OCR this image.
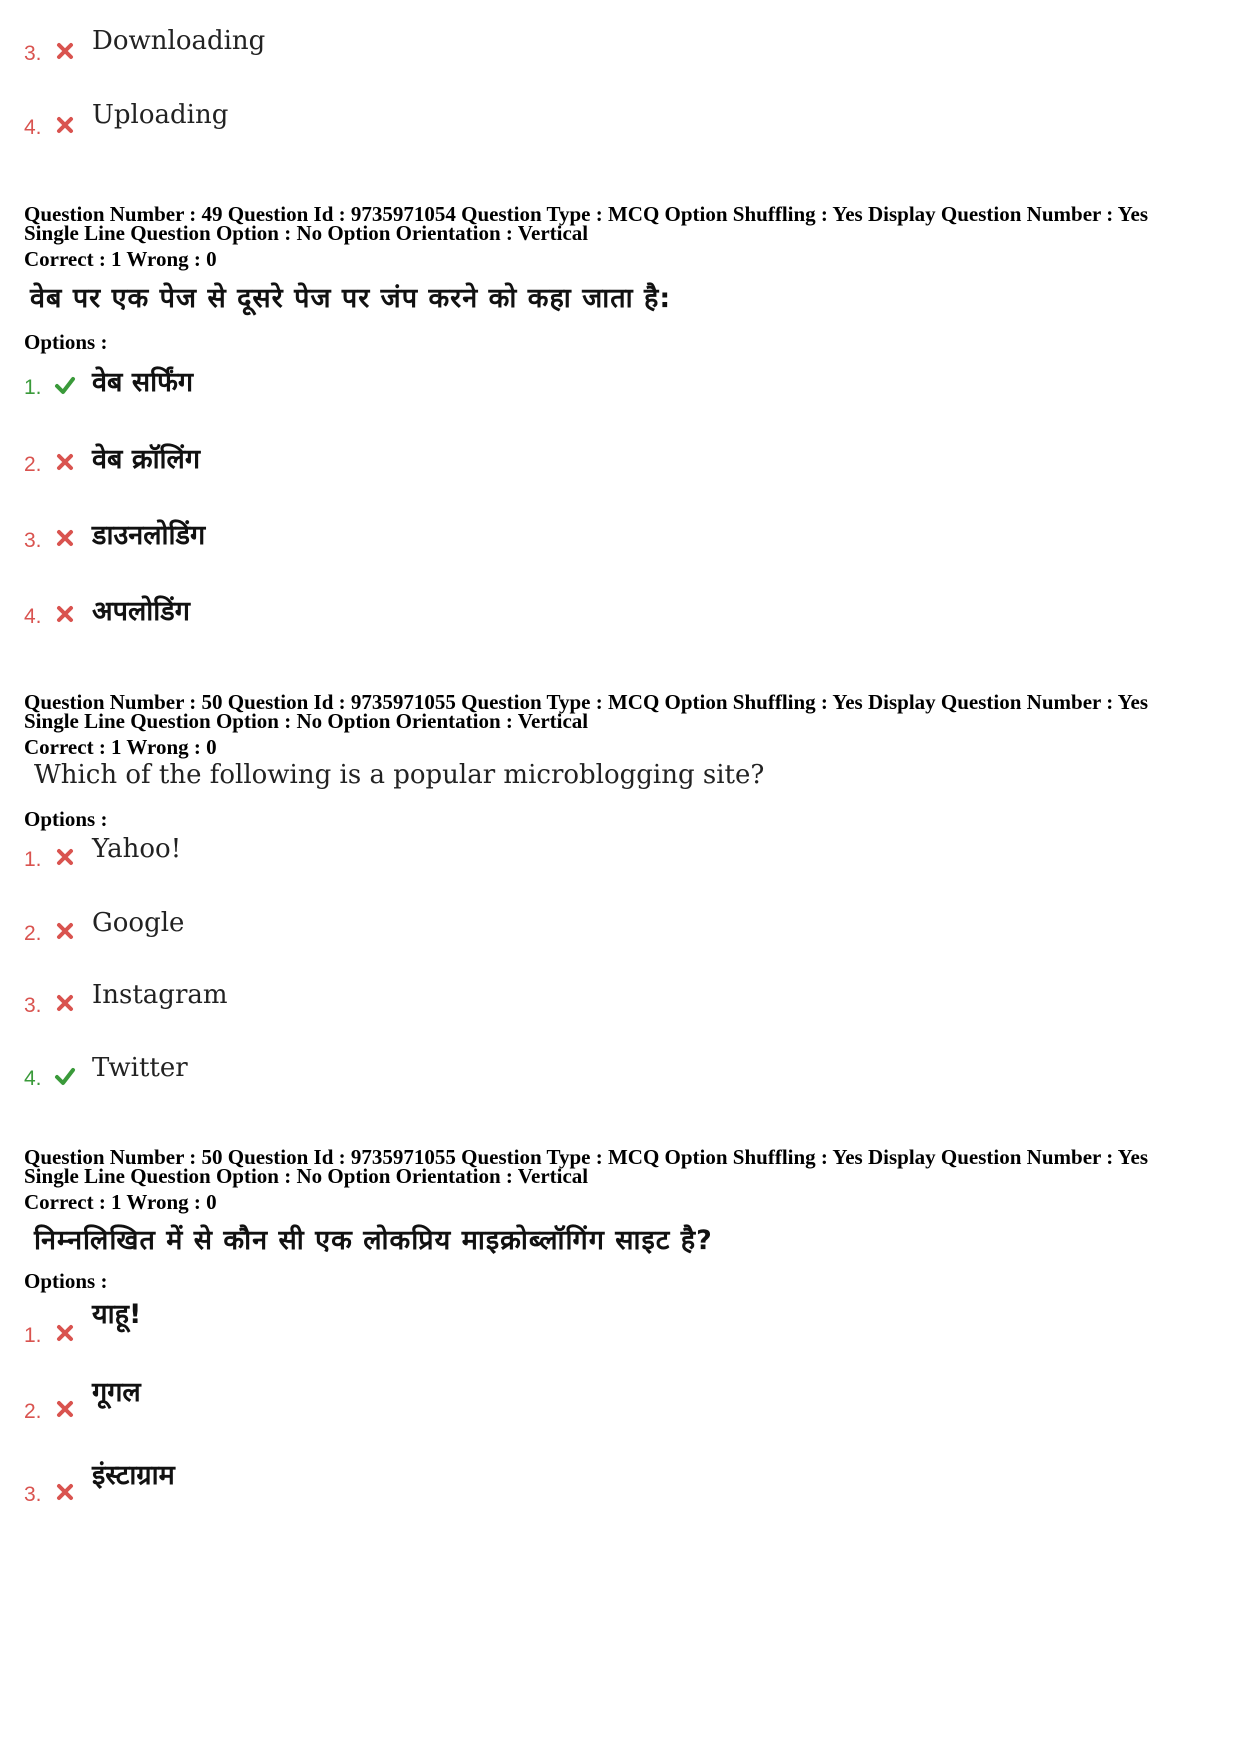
3. Downloading
4. Uploading
Question Number : 49 Question Id : 9735971054 Question Type : MCQ Option Shuffling : Yes Display Question Number : Yes
Single Line Question Option : No Option Orientation : Vertical
Correct : 1 Wrong : 0
वेब पर एक पेज से दूसरे पेज पर जंप करने को कहा जाता है:
Options :
1. वेब सर्फिंग
2. वेब क्रॉलिंग
3. डाउनलोडिंग
4. अपलोडिंग
Question Number : 50 Question Id : 9735971055 Question Type : MCQ Option Shuffling : Yes Display Question Number : Yes
Single Line Question Option : No Option Orientation : Vertical
Correct : 1 Wrong : 0
Which of the following is a popular microblogging site?
Options :
1. Yahoo!
2. Google
3. Instagram
4. Twitter
Question Number : 50 Question Id : 9735971055 Question Type : MCQ Option Shuffling : Yes Display Question Number : Yes
Single Line Question Option : No Option Orientation : Vertical
Correct : 1 Wrong : 0
निम्नलिखित में से कौन सी एक लोकप्रिय माइक्रोब्लॉगिंग साइट है?
Options :
1.
याहू!
2.
गूगल
3.
इंस्टाग्राम
